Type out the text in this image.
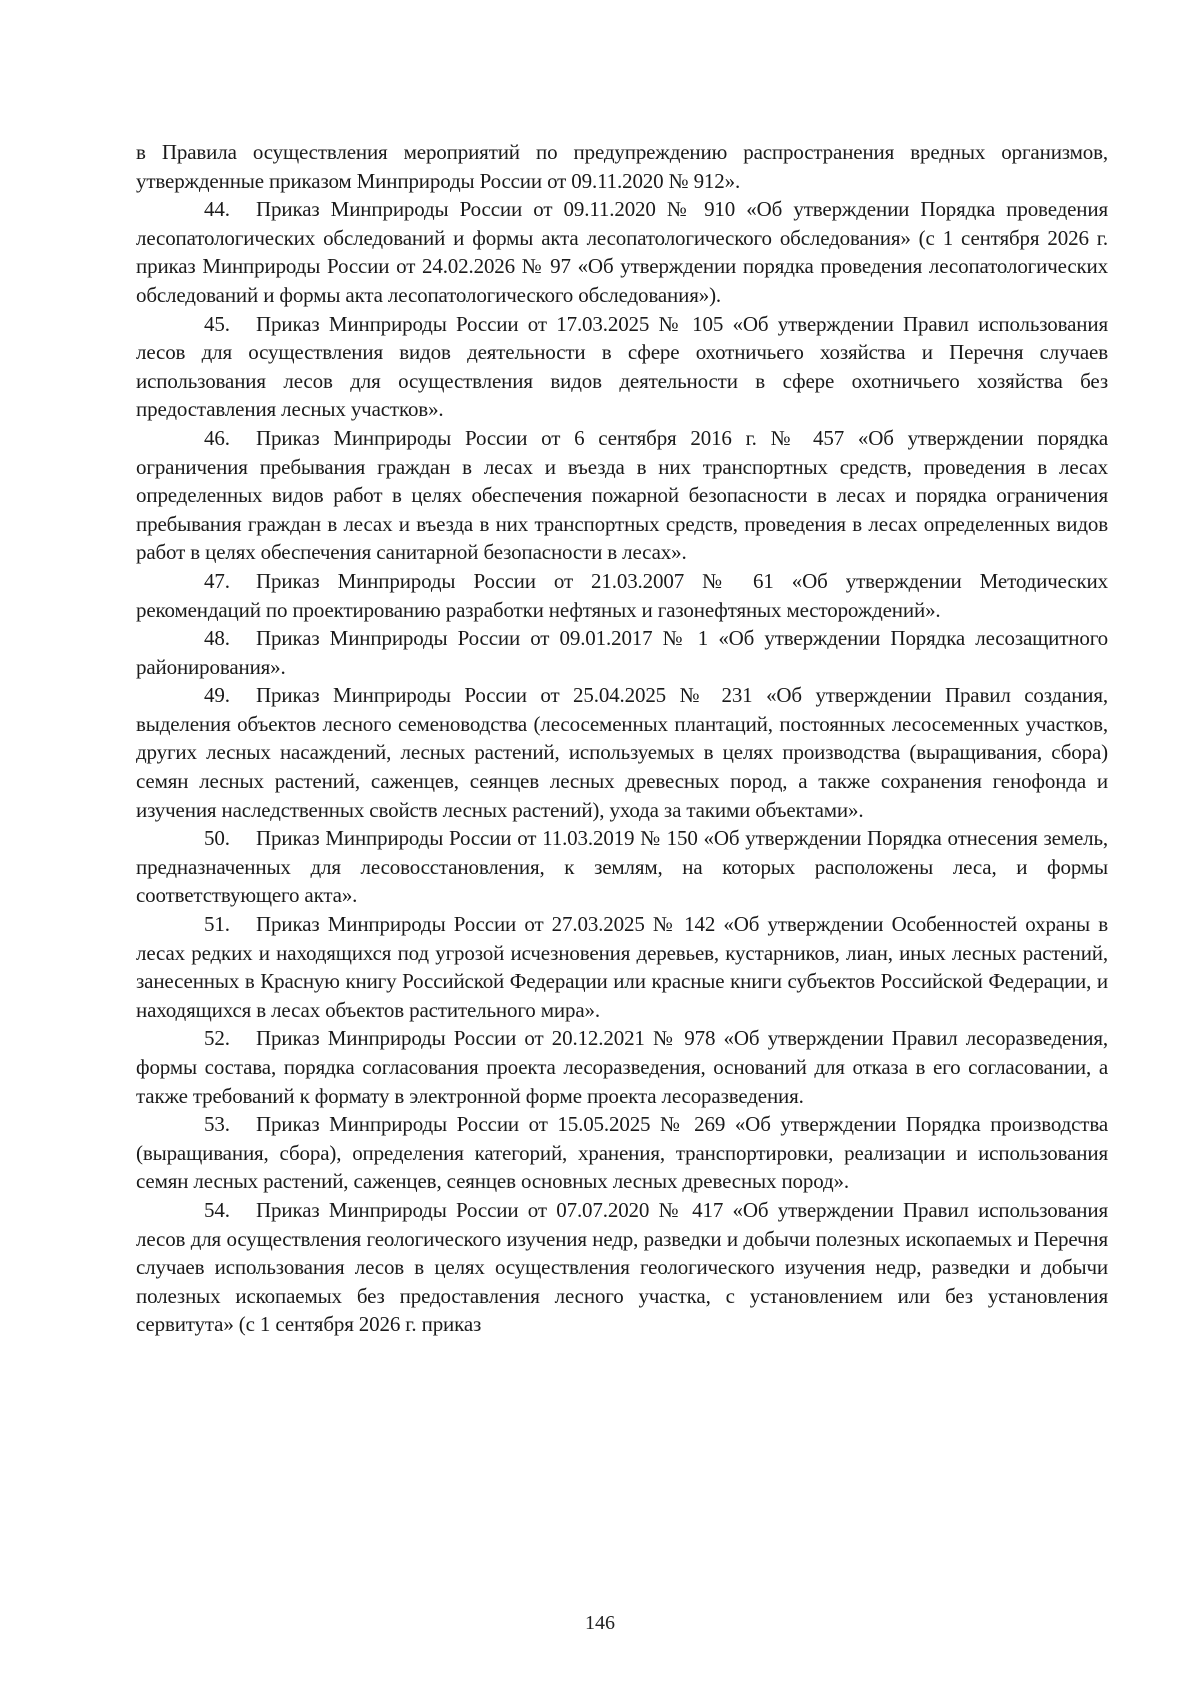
в Правила осуществления мероприятий по предупреждению распространения вредных организмов, утвержденные приказом Минприроды России от 09.11.2020 № 912».

44. Приказ Минприроды России от 09.11.2020 № 910 «Об утверждении Порядка проведения лесопатологических обследований и формы акта лесопатологического обследования» (с 1 сентября 2026 г. приказ Минприроды России от 24.02.2026 № 97 «Об утверждении порядка проведения лесопатологических обследований и формы акта лесопатологического обследования»).

45. Приказ Минприроды России от 17.03.2025 № 105 «Об утверждении Правил использования лесов для осуществления видов деятельности в сфере охотничьего хозяйства и Перечня случаев использования лесов для осуществления видов деятельности в сфере охотничьего хозяйства без предоставления лесных участков».

46. Приказ Минприроды России от 6 сентября 2016 г. № 457 «Об утверждении порядка ограничения пребывания граждан в лесах и въезда в них транспортных средств, проведения в лесах определенных видов работ в целях обеспечения пожарной безопасности в лесах и порядка ограничения пребывания граждан в лесах и въезда в них транспортных средств, проведения в лесах определенных видов работ в целях обеспечения санитарной безопасности в лесах».

47. Приказ Минприроды России от 21.03.2007 № 61 «Об утверждении Методических рекомендаций по проектированию разработки нефтяных и газонефтяных месторождений».

48. Приказ Минприроды России от 09.01.2017 № 1 «Об утверждении Порядка лесозащитного районирования».

49. Приказ Минприроды России от 25.04.2025 № 231 «Об утверждении Правил создания, выделения объектов лесного семеноводства (лесосеменных плантаций, постоянных лесосеменных участков, других лесных насаждений, лесных растений, используемых в целях производства (выращивания, сбора) семян лесных растений, саженцев, сеянцев лесных древесных пород, а также сохранения генофонда и изучения наследственных свойств лесных растений), ухода за такими объектами».

50. Приказ Минприроды России от 11.03.2019 № 150 «Об утверждении Порядка отнесения земель, предназначенных для лесовосстановления, к землям, на которых расположены леса, и формы соответствующего акта».

51. Приказ Минприроды России от 27.03.2025 № 142 «Об утверждении Особенностей охраны в лесах редких и находящихся под угрозой исчезновения деревьев, кустарников, лиан, иных лесных растений, занесенных в Красную книгу Российской Федерации или красные книги субъектов Российской Федерации, и находящихся в лесах объектов растительного мира».

52. Приказ Минприроды России от 20.12.2021 № 978 «Об утверждении Правил лесоразведения, формы состава, порядка согласования проекта лесоразведения, оснований для отказа в его согласовании, а также требований к формату в электронной форме проекта лесоразведения.

53. Приказ Минприроды России от 15.05.2025 № 269 «Об утверждении Порядка производства (выращивания, сбора), определения категорий, хранения, транспортировки, реализации и использования семян лесных растений, саженцев, сеянцев основных лесных древесных пород».

54. Приказ Минприроды России от 07.07.2020 № 417 «Об утверждении Правил использования лесов для осуществления геологического изучения недр, разведки и добычи полезных ископаемых и Перечня случаев использования лесов в целях осуществления геологического изучения недр, разведки и добычи полезных ископаемых без предоставления лесного участка, с установлением или без установления сервитута» (с 1 сентября 2026 г. приказ

146
